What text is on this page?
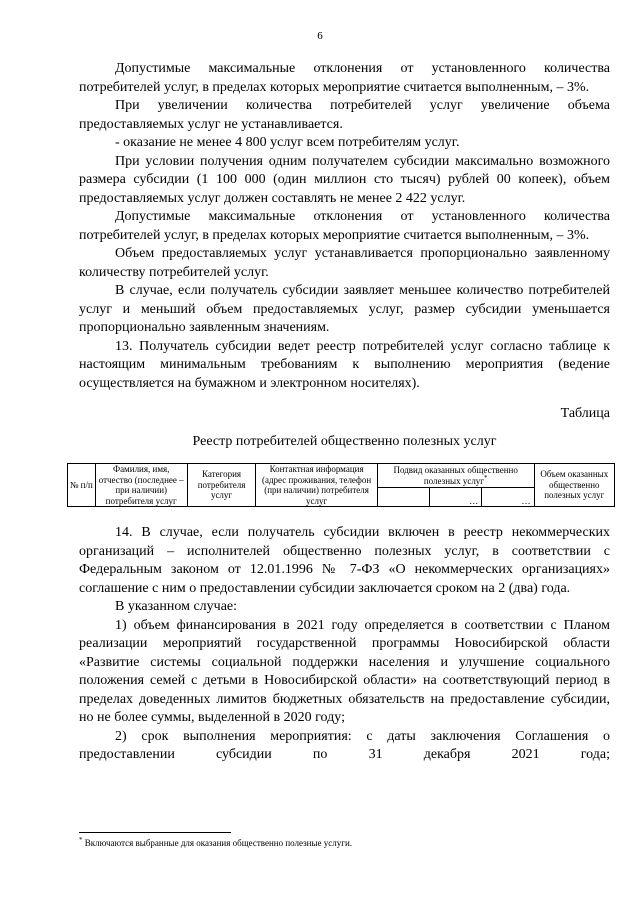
6

Допустимые максимальные отклонения от установленного количества потребителей услуг, в пределах которых мероприятие считается выполненным, – 3%.

При увеличении количества потребителей услуг увеличение объема предоставляемых услуг не устанавливается.

- оказание не менее 4 800 услуг всем потребителям услуг.

При условии получения одним получателем субсидии максимально возможного размера субсидии (1 100 000 (один миллион сто тысяч) рублей 00 копеек), объем предоставляемых услуг должен составлять не менее 2 422 услуг.

Допустимые максимальные отклонения от установленного количества потребителей услуг, в пределах которых мероприятие считается выполненным, – 3%.

Объем предоставляемых услуг устанавливается пропорционально заявленному количеству потребителей услуг.

В случае, если получатель субсидии заявляет меньшее количество потребителей услуг и меньший объем предоставляемых услуг, размер субсидии уменьшается пропорционально заявленным значениям.

13. Получатель субсидии ведет реестр потребителей услуг согласно таблице к настоящим минимальным требованиям к выполнению мероприятия (ведение осуществляется на бумажном и электронном носителях).

Таблица
Реестр потребителей общественно полезных услуг
№ п/п	Фамилия, имя, отчество (последнее – при наличии) потребителя услуг	Категория потребителя услуг	Контактная информация (адрес проживания, телефон (при наличии) потребителя услуг	Подвид оказанных общественно полезных услуг*			Объем оказанных общественно полезных услуг
					…	…	

14. В случае, если получатель субсидии включен в реестр некоммерческих организаций – исполнителей общественно полезных услуг, в соответствии с Федеральным законом от 12.01.1996 № 7-ФЗ «О некоммерческих организациях» соглашение с ним о предоставлении субсидии заключается сроком на 2 (два) года.

В указанном случае:

1) объем финансирования в 2021 году определяется в соответствии с Планом реализации мероприятий государственной программы Новосибирской области «Развитие системы социальной поддержки населения и улучшение социального положения семей с детьми в Новосибирской области» на соответствующий период в пределах доведенных лимитов бюджетных обязательств на предоставление субсидии, но не более суммы, выделенной в 2020 году;

2) срок выполнения мероприятия: с даты заключения Соглашения о предоставлении субсидии по 31 декабря 2021 года;

* Включаются выбранные для оказания общественно полезные услуги.
